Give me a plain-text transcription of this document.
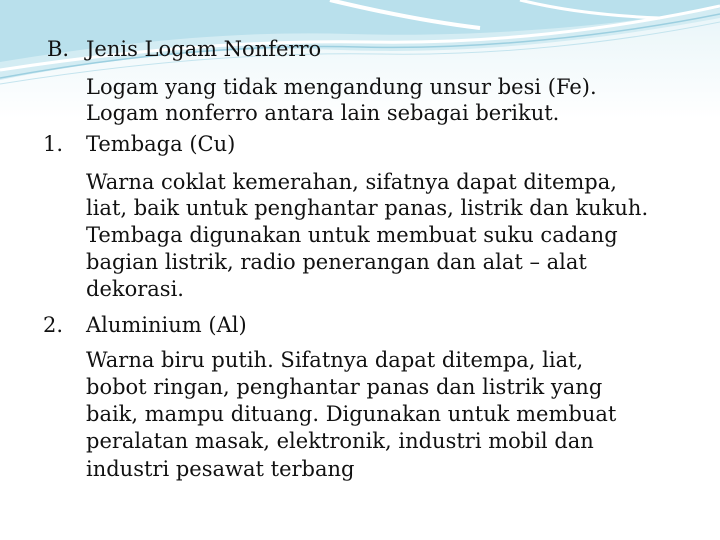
B. Jenis Logam Nonferro
Logam yang tidak mengandung unsur besi (Fe).
Logam nonferro antara lain sebagai berikut.
1. Tembaga (Cu)
Warna coklat kemerahan, sifatnya dapat ditempa,
liat, baik untuk penghantar panas, listrik dan kukuh.
Tembaga digunakan untuk membuat suku cadang
bagian listrik, radio penerangan dan alat – alat
dekorasi.
2. Aluminium (Al)
Warna biru putih. Sifatnya dapat ditempa, liat,
bobot ringan, penghantar panas dan listrik yang
baik, mampu dituang. Digunakan untuk membuat
peralatan masak, elektronik, industri mobil dan
industri pesawat terbang
